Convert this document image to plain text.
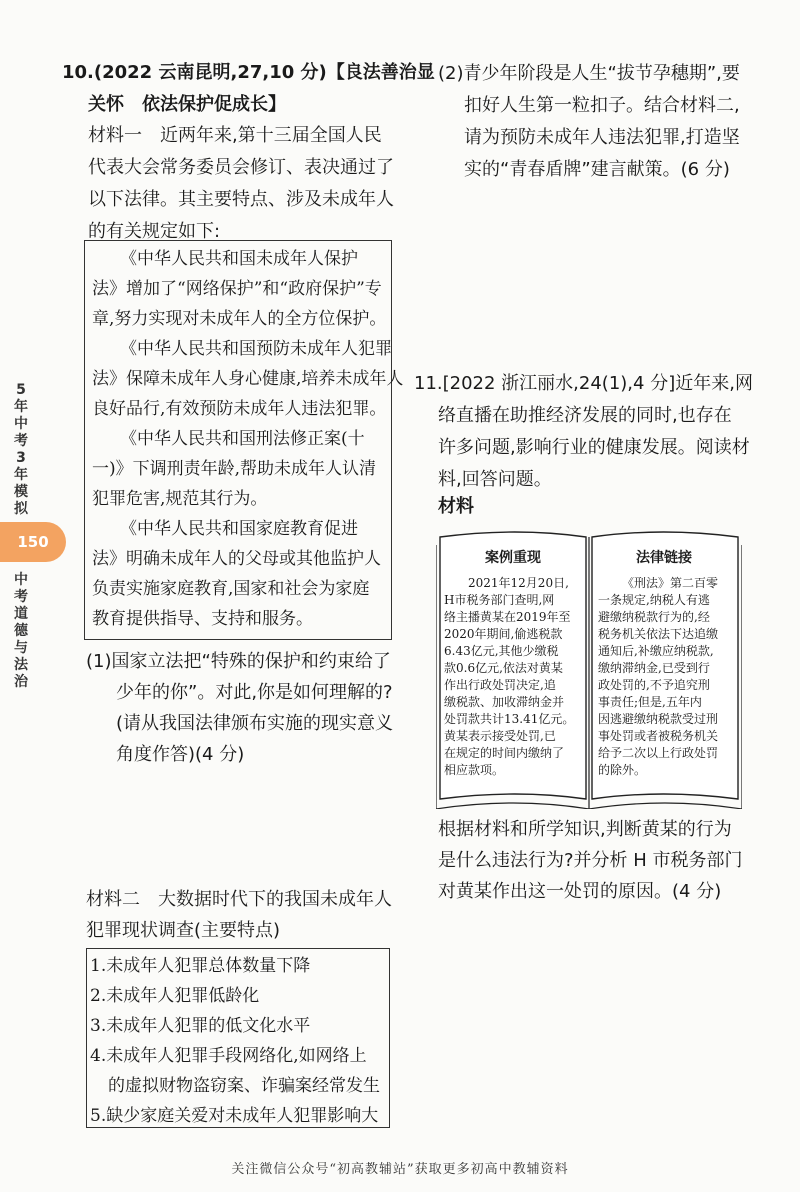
5
年
中
考
3
年
模
拟
150
中
考
道
德
与
法
治
10.(2022 云南昆明,27,10 分)【良法善治显
关怀　依法保护促成长】
材料一　近两年来,第十三届全国人民
代表大会常务委员会修订、表决通过了
以下法律。其主要特点、涉及未成年人
的有关规定如下:
《中华人民共和国未成年人保护
法》增加了“网络保护”和“政府保护”专
章,努力实现对未成年人的全方位保护。
《中华人民共和国预防未成年人犯罪
法》保障未成年人身心健康,培养未成年人
良好品行,有效预防未成年人违法犯罪。
《中华人民共和国刑法修正案(十
一)》下调刑责年龄,帮助未成年人认清
犯罪危害,规范其行为。
《中华人民共和国家庭教育促进
法》明确未成年人的父母或其他监护人
负责实施家庭教育,国家和社会为家庭
教育提供指导、支持和服务。
(1)国家立法把“特殊的保护和约束给了
少年的你”。对此,你是如何理解的?
(请从我国法律颁布实施的现实意义
角度作答)(4 分)
材料二　大数据时代下的我国未成年人
犯罪现状调查(主要特点)
1.未成年人犯罪总体数量下降
2.未成年人犯罪低龄化
3.未成年人犯罪的低文化水平
4.未成年人犯罪手段网络化,如网络上
的虚拟财物盗窃案、诈骗案经常发生
5.缺少家庭关爱对未成年人犯罪影响大
(2)青少年阶段是人生“拔节孕穗期”,要
扣好人生第一粒扣子。结合材料二,
请为预防未成年人违法犯罪,打造坚
实的“青春盾牌”建言献策。(6 分)
11.[2022 浙江丽水,24(1),4 分]近年来,网
络直播在助推经济发展的同时,也存在
许多问题,影响行业的健康发展。阅读材
料,回答问题。
材料
案例重现	法律链接
2021年12月20日,
H市税务部门查明,网
络主播黄某在2019年至
2020年期间,偷逃税款
6.43亿元,其他少缴税
款0.6亿元,依法对黄某
作出行政处罚决定,追
缴税款、加收滞纳金并
处罚款共计13.41亿元。
黄某表示接受处罚,已
在规定的时间内缴纳了
相应款项。
《刑法》第二百零
一条规定,纳税人有逃
避缴纳税款行为的,经
税务机关依法下达追缴
通知后,补缴应纳税款,
缴纳滞纳金,已受到行
政处罚的,不予追究刑
事责任;但是,五年内
因逃避缴纳税款受过刑
事处罚或者被税务机关
给予二次以上行政处罚
的除外。
根据材料和所学知识,判断黄某的行为
是什么违法行为?并分析 H 市税务部门
对黄某作出这一处罚的原因。(4 分)
关注微信公众号“初高教辅站”获取更多初高中教辅资料
